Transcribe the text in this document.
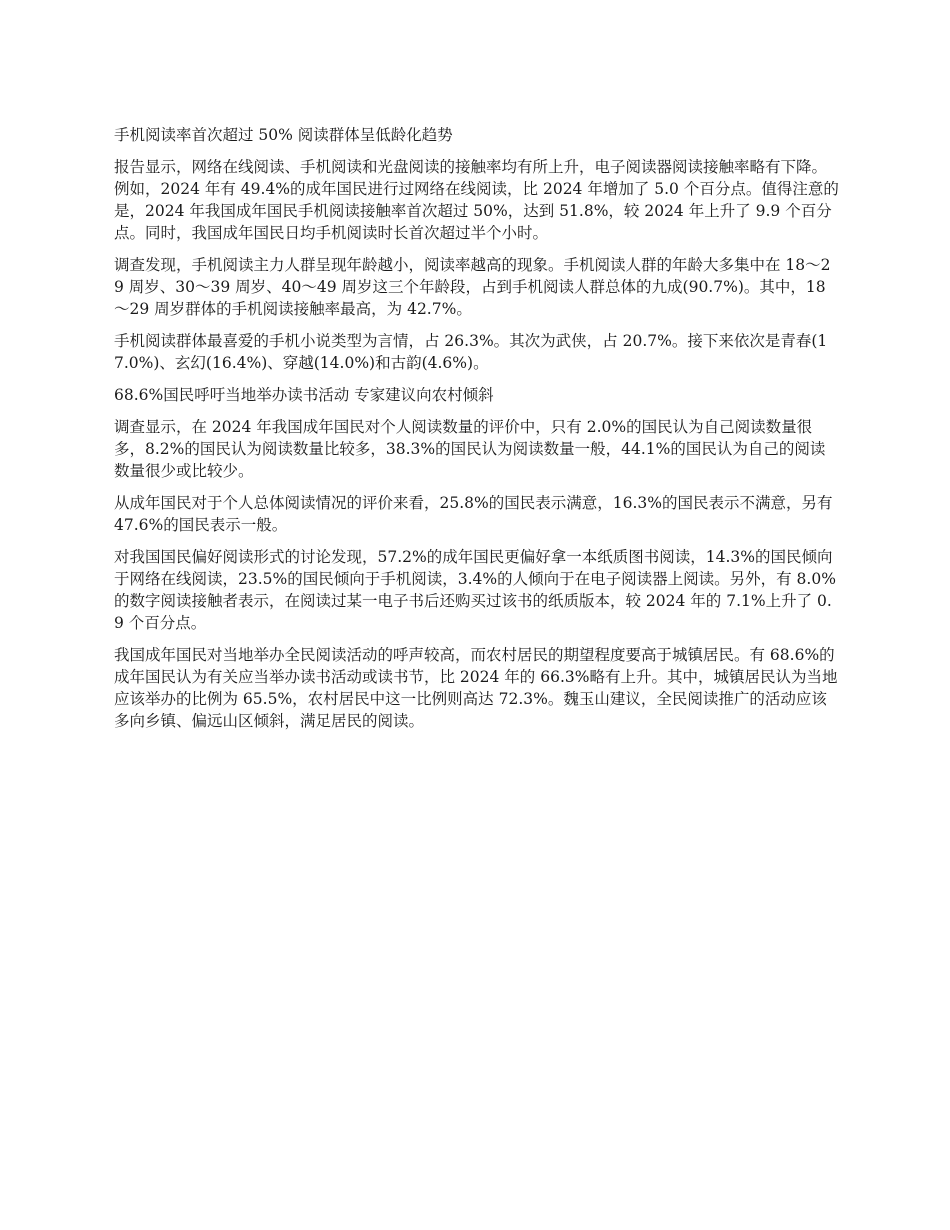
手机阅读率首次超过 50% 阅读群体呈低龄化趋势

报告显示，网络在线阅读、手机阅读和光盘阅读的接触率均有所上升，电子阅读器阅读接触率略有下降。例如，2024 年有 49.4%的成年国民进行过网络在线阅读，比 2024 年增加了 5.0 个百分点。值得注意的是，2024 年我国成年国民手机阅读接触率首次超过 50%，达到 51.8%，较 2024 年上升了 9.9 个百分点。同时，我国成年国民日均手机阅读时长首次超过半个小时。

调查发现，手机阅读主力人群呈现年龄越小，阅读率越高的现象。手机阅读人群的年龄大多集中在 18～29 周岁、30～39 周岁、40～49 周岁这三个年龄段，占到手机阅读人群总体的九成(90.7%)。其中，18～29 周岁群体的手机阅读接触率最高，为 42.7%。

手机阅读群体最喜爱的手机小说类型为言情，占 26.3%。其次为武侠，占 20.7%。接下来依次是青春(17.0%)、玄幻(16.4%)、穿越(14.0%)和古韵(4.6%)。

68.6%国民呼吁当地举办读书活动 专家建议向农村倾斜

调查显示，在 2024 年我国成年国民对个人阅读数量的评价中，只有 2.0%的国民认为自己阅读数量很多，8.2%的国民认为阅读数量比较多，38.3%的国民认为阅读数量一般，44.1%的国民认为自己的阅读数量很少或比较少。

从成年国民对于个人总体阅读情况的评价来看，25.8%的国民表示满意，16.3%的国民表示不满意，另有 47.6%的国民表示一般。

对我国国民偏好阅读形式的讨论发现，57.2%的成年国民更偏好拿一本纸质图书阅读，14.3%的国民倾向于网络在线阅读，23.5%的国民倾向于手机阅读，3.4%的人倾向于在电子阅读器上阅读。另外，有 8.0%的数字阅读接触者表示，在阅读过某一电子书后还购买过该书的纸质版本，较 2024 年的 7.1%上升了 0.9 个百分点。

我国成年国民对当地举办全民阅读活动的呼声较高，而农村居民的期望程度要高于城镇居民。有 68.6%的成年国民认为有关应当举办读书活动或读书节，比 2024 年的 66.3%略有上升。其中，城镇居民认为当地应该举办的比例为 65.5%，农村居民中这一比例则高达 72.3%。魏玉山建议，全民阅读推广的活动应该多向乡镇、偏远山区倾斜，满足居民的阅读。
